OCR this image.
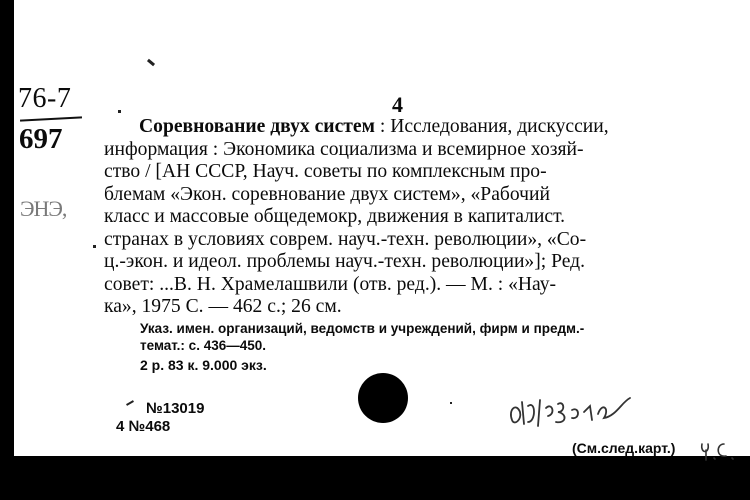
76-7
697
ЭНЭ,
4
Соревнование двух систем : Исследования, дискуссии,
информация : Экономика социализма и всемирное хозяй-
ство / [АН СССР, Науч. советы по комплексным про-
блемам «Экон. соревнование двух систем», «Рабочий
класс и массовые общедемокр, движения в капиталист.
странах в условиях соврем. науч.-техн. революции», «Со-
ц.-экон. и идеол. проблемы науч.-техн. революции»]; Ред.
совет: ...В. Н. Храмелашвили (отв. ред.). — М. : «Нау-
ка», 1975 С. — 462 с.; 26 см.
Указ. имен. организаций, ведомств и учреждений, фирм и предм.-
темат.: с. 436—450.
2 р. 83 к. 9.000 экз.
№13019
4 №468
(См.след.карт.)
